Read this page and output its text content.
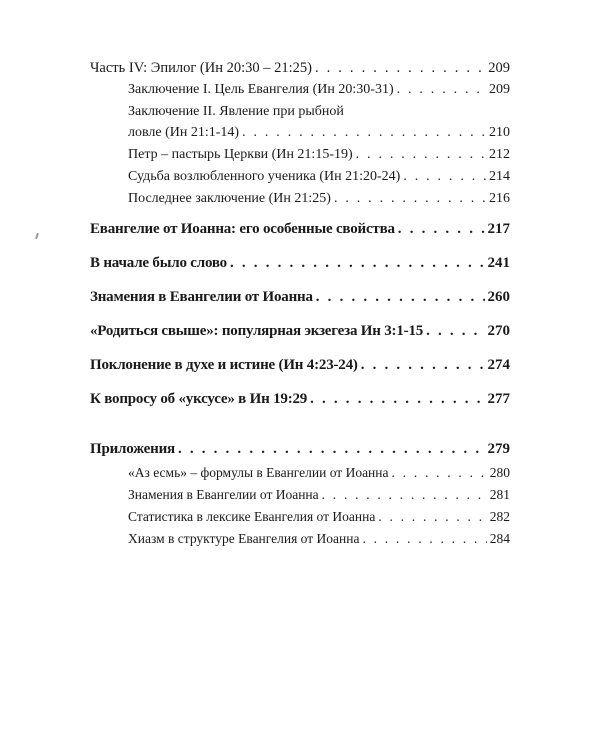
Часть IV: Эпилог (Ин 20:30 – 21:25) . . .	209
Заключение I. Цель Евангелия (Ин 20:30-31) . . .	209
Заключение II. Явление при рыбной
ловле (Ин 21:1-14) . . .	210
Петр – пастырь Церкви (Ин 21:15-19) . . .	212
Судьба возлюбленного ученика (Ин 21:20-24) . . .	214
Последнее заключение (Ин 21:25) . . .	216
Евангелие от Иоанна: его особенные свойства . . .	217
В начале было слово . . .	241
Знамения в Евангелии от Иоанна . . .	260
«Родиться свыше»: популярная экзегеза Ин 3:1-15 . . .	270
Поклонение в духе и истине (Ин 4:23-24) . . .	274
К вопросу об «уксусе» в Ин 19:29 . . .	277
Приложения . . .	279
«Аз есмь» – формулы в Евангелии от Иоанна . . .	280
Знамения в Евангелии от Иоанна . . .	281
Статистика в лексике Евангелия от Иоанна . . .	282
Хиазм в структуре Евангелия от Иоанна . . .	284
